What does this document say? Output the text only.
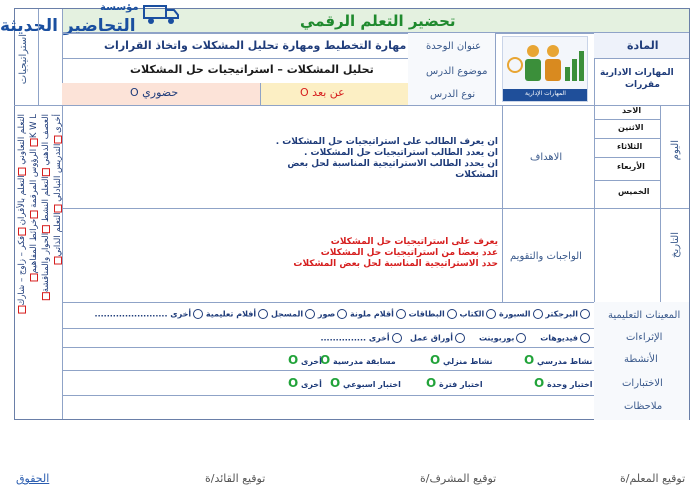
تحضير التعلم الرقمي
مؤسسة
التحاضير الحديثة
استراتيجيات
التعلم التعاوني التعلم بالأقران فكر – زاوج – شارك
الرؤوس المرقمة خرائط المفاهيم K W L العصف الذهني التعلم النشط الحوار والمناقشة
أخرى التدريس التبادلي التعلم الذاتي
المادة
المهارات الادارية
مقررات
المهارات الإدارية
عنوان الوحدة
موضوع الدرس
نوع الدرس
مهارة التخطيط ومهارة تحليل المشكلات واتخاذ القرارات
تحليل المشكلات – استراتيجيات حل المشكلات
O عن بعد
O حضوري
اليوم
التاريخ
الاحد
الاثنين
الثلاثاء
الأربعاء
الخميس
الاهداف
ان يعرف الطالب على استراتيجيات حل المشكلات .
ان يعدد الطالب استراتيجيات حل المشكلات .
ان يحدد الطالب الاستراتيجية المناسبة لحل بعض المشكلات
الواجبات والتقويم
يعرف على استراتيجيات حل المشكلات
عدد بعضا من استراتيجيات حل المشكلات
حدد الاستراتيجية المناسبة لحل بعض المشكلات
المعينات التعليمية
الإثراءات
الأنشطة
الاختبارات
ملاحظات
البرجكتر السبورة الكتاب البطاقات أقلام ملونة صور المسجل أفلام تعليمية أخرى ........................
فيديوهات     بوربوينت     أوراق عمل   أخرى ...............
O نشاط مدرسي
O نشاط منزلي
O مسابقة مدرسية
O أخرى
O اختبار وحدة
O اختبار فترة
O اختبار اسبوعي
O أخرى
توقيع المعلم/ة
توقيع المشرف/ة
توقيع القائد/ة
الحقوق
